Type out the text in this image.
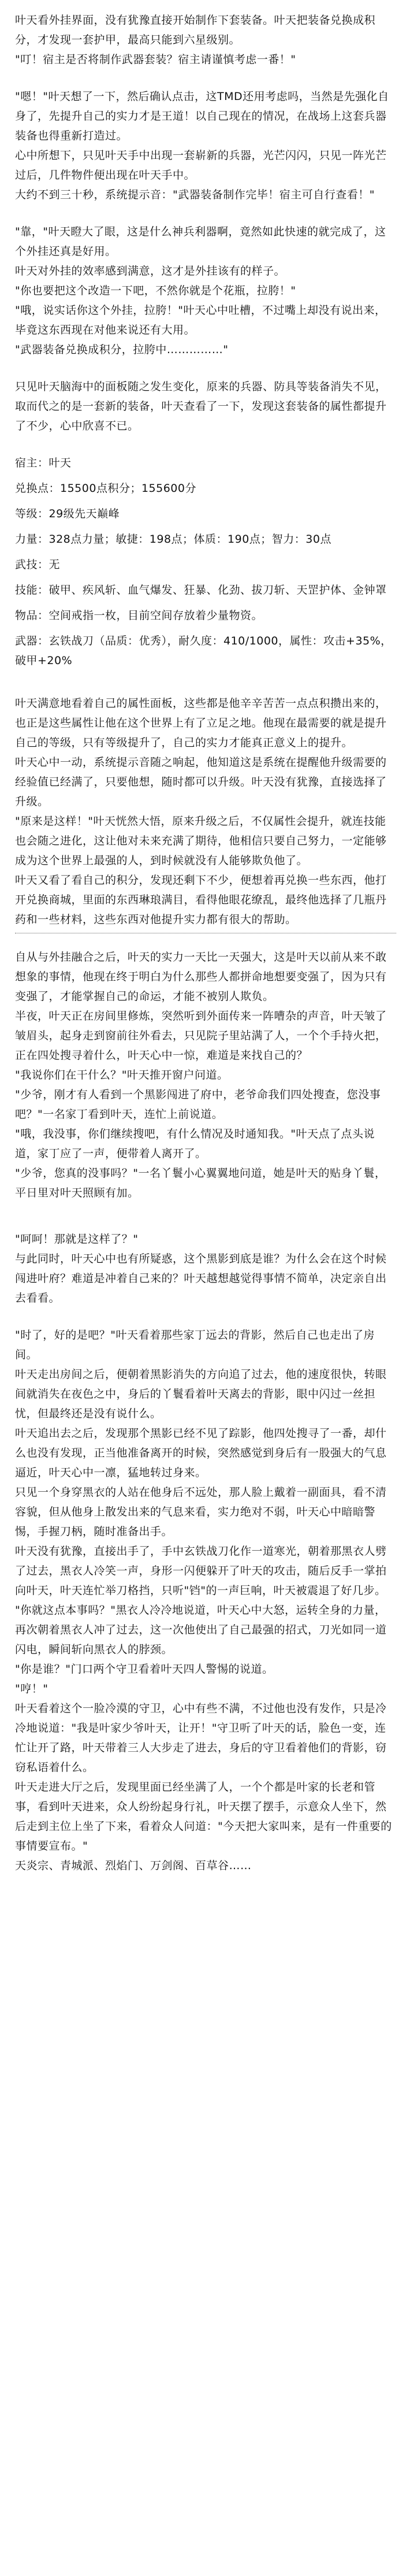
叶天看外挂界面，没有犹豫直接开始制作下套装备。叶天把装备兑换成积分，才发现一套护甲，最高只能到六星级别。

"叮！宿主是否将制作武器套装？宿主请谨慎考虑一番！"

"嗯！"叶天想了一下，然后确认点击，这TMD还用考虑吗，当然是先强化自身了，先提升自己的实力才是王道！以自己现在的情况，在战场上这套兵器装备也得重新打造过。

心中所想下，只见叶天手中出现一套崭新的兵器，光芒闪闪，只见一阵光芒过后，几件物件便出现在叶天手中。

大约不到三十秒，系统提示音："武器装备制作完毕！宿主可自行查看！"

"靠，"叶天瞪大了眼，这是什么神兵利器啊，竟然如此快速的就完成了，这个外挂还真是好用。

叶天对外挂的效率感到满意，这才是外挂该有的样子。

"你也要把这个改造一下吧，不然你就是个花瓶，拉胯！"

"哦，说实话你这个外挂，拉胯！"叶天心中吐槽，不过嘴上却没有说出来，毕竟这东西现在对他来说还有大用。

"武器装备兑换成积分，拉胯中……………"

只见叶天脑海中的面板随之发生变化，原来的兵器、防具等装备消失不见，取而代之的是一套新的装备，叶天查看了一下，发现这套装备的属性都提升了不少，心中欣喜不已。

宿主：叶天

兑换点：15500点积分；155600分

等级：29级先天巅峰

力量：328点力量；敏捷：198点；体质：190点；智力：30点

武技：无

技能：破甲、疾风斩、血气爆发、狂暴、化劲、拔刀斩、天罡护体、金钟罩

物品：空间戒指一枚，目前空间存放着少量物资。

武器：玄铁战刀（品质：优秀），耐久度：410/1000，属性：攻击+35%，破甲+20%

叶天满意地看着自己的属性面板，这些都是他辛辛苦苦一点点积攒出来的，也正是这些属性让他在这个世界上有了立足之地。他现在最需要的就是提升自己的等级，只有等级提升了，自己的实力才能真正意义上的提升。

叶天心中一动，系统提示音随之响起，他知道这是系统在提醒他升级需要的经验值已经满了，只要他想，随时都可以升级。叶天没有犹豫，直接选择了升级。

"原来是这样！"叶天恍然大悟，原来升级之后，不仅属性会提升，就连技能也会随之进化，这让他对未来充满了期待，他相信只要自己努力，一定能够成为这个世界上最强的人，到时候就没有人能够欺负他了。

叶天又看了看自己的积分，发现还剩下不少，便想着再兑换一些东西，他打开兑换商城，里面的东西琳琅满目，看得他眼花缭乱，最终他选择了几瓶丹药和一些材料，这些东西对他提升实力都有很大的帮助。

自从与外挂融合之后，叶天的实力一天比一天强大，这是叶天以前从来不敢想象的事情，他现在终于明白为什么那些人都拼命地想要变强了，因为只有变强了，才能掌握自己的命运，才能不被别人欺负。

半夜，叶天正在房间里修炼，突然听到外面传来一阵嘈杂的声音，叶天皱了皱眉头，起身走到窗前往外看去，只见院子里站满了人，一个个手持火把，正在四处搜寻着什么，叶天心中一惊，难道是来找自己的？

"我说你们在干什么？"叶天推开窗户问道。

"少爷，刚才有人看到一个黑影闯进了府中，老爷命我们四处搜查，您没事吧？"一名家丁看到叶天，连忙上前说道。

"哦，我没事，你们继续搜吧，有什么情况及时通知我。"叶天点了点头说道，家丁应了一声，便带着人离开了。

"少爷，您真的没事吗？"一名丫鬟小心翼翼地问道，她是叶天的贴身丫鬟，平日里对叶天照顾有加。

"呵呵！那就是这样了？"

与此同时，叶天心中也有所疑惑，这个黑影到底是谁？为什么会在这个时候闯进叶府？难道是冲着自己来的？叶天越想越觉得事情不简单，决定亲自出去看看。

"时了，好的是吧？"叶天看着那些家丁远去的背影，然后自己也走出了房间。

叶天走出房间之后，便朝着黑影消失的方向追了过去，他的速度很快，转眼间就消失在夜色之中，身后的丫鬟看着叶天离去的背影，眼中闪过一丝担忧，但最终还是没有说什么。

叶天追出去之后，发现那个黑影已经不见了踪影，他四处搜寻了一番，却什么也没有发现，正当他准备离开的时候，突然感觉到身后有一股强大的气息逼近，叶天心中一凛，猛地转过身来。

只见一个身穿黑衣的人站在他身后不远处，那人脸上戴着一副面具，看不清容貌，但从他身上散发出来的气息来看，实力绝对不弱，叶天心中暗暗警惕，手握刀柄，随时准备出手。

叶天没有犹豫，直接出手了，手中玄铁战刀化作一道寒光，朝着那黑衣人劈了过去，黑衣人冷笑一声，身形一闪便躲开了叶天的攻击，随后反手一掌拍向叶天，叶天连忙举刀格挡，只听"铛"的一声巨响，叶天被震退了好几步。

"你就这点本事吗？"黑衣人冷冷地说道，叶天心中大怒，运转全身的力量，再次朝着黑衣人冲了过去，这一次他使出了自己最强的招式，刀光如同一道闪电，瞬间斩向黑衣人的脖颈。

"你是谁？"门口两个守卫看着叶天四人警惕的说道。

"哼！"

叶天看着这个一脸冷漠的守卫，心中有些不满，不过他也没有发作，只是冷冷地说道："我是叶家少爷叶天，让开！"守卫听了叶天的话，脸色一变，连忙让开了路，叶天带着三人大步走了进去，身后的守卫看着他们的背影，窃窃私语着什么。

叶天走进大厅之后，发现里面已经坐满了人，一个个都是叶家的长老和管事，看到叶天进来，众人纷纷起身行礼，叶天摆了摆手，示意众人坐下，然后走到主位上坐了下来，看着众人问道："今天把大家叫来，是有一件重要的事情要宣布。"

天炎宗、青城派、烈焰门、万剑阁、百草谷……
